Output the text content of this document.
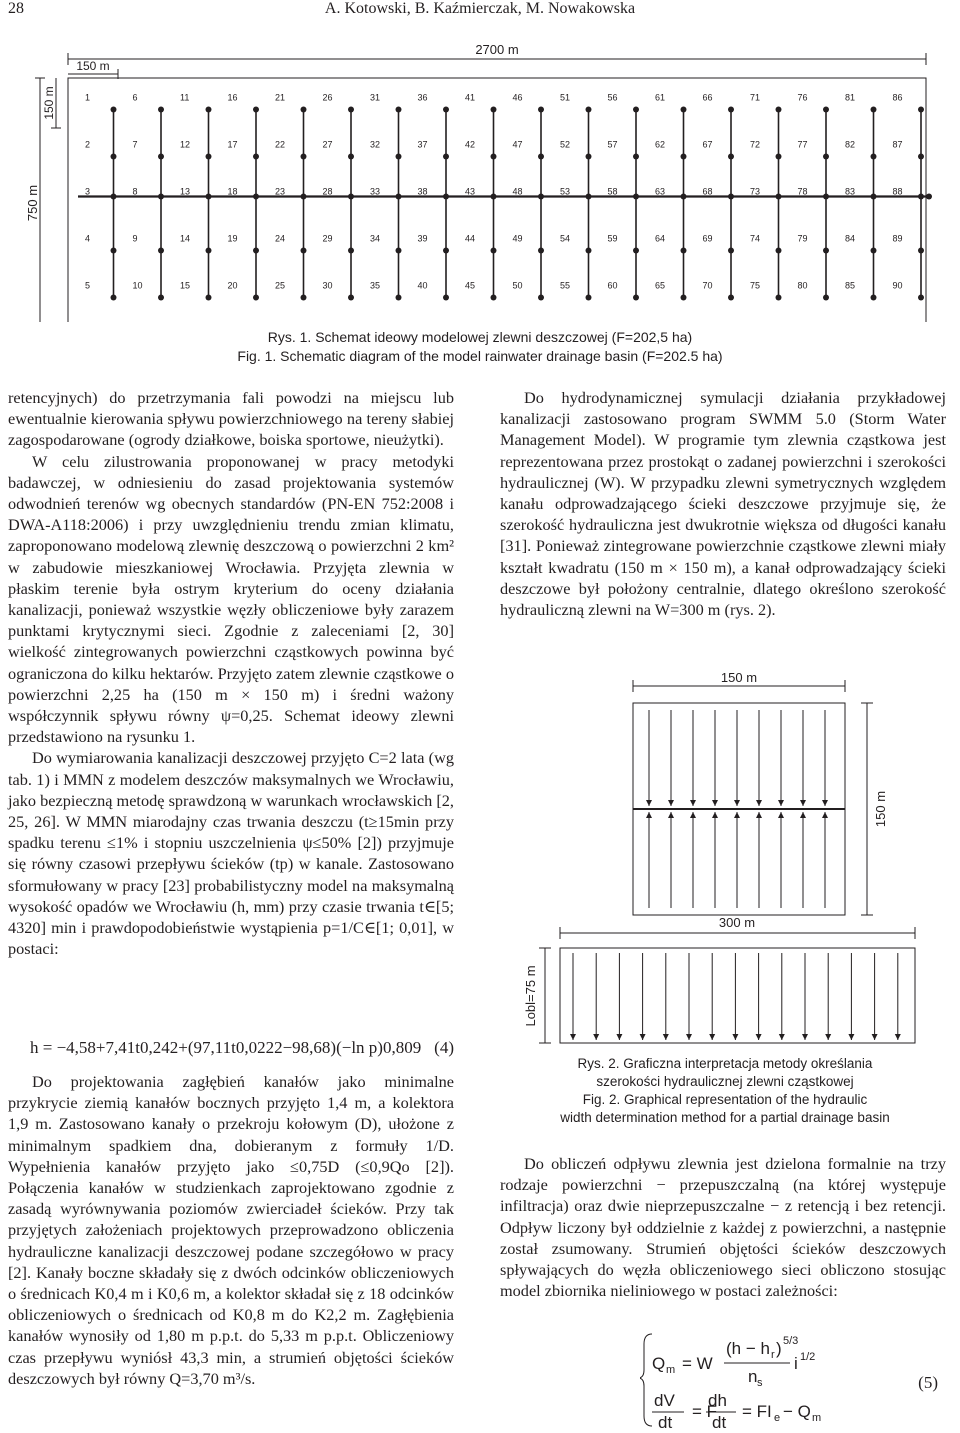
28	A. Kotowski, B. Kaźmierczak, M. Nowakowska
2700 m
150 m
150 m
750 m
1
2
3
4
5
6
7
8
9
10
11
12
13
14
15
16
17
18
19
20
21
22
23
24
25
26
27
28
29
30
31
32
33
34
35
36
37
38
39
40
41
42
43
44
45
46
47
48
49
50
51
52
53
54
55
56
57
58
59
60
61
62
63
64
65
66
67
68
69
70
71
72
73
74
75
76
77
78
79
80
81
82
83
84
85
86
87
88
89
90
Rys. 1. Schemat ideowy modelowej zlewni deszczowej (F=202,5 ha)
Fig. 1. Schematic diagram of the model rainwater drainage basin (F=202.5 ha)

retencyjnych) do przetrzymania fali powodzi na miejscu lub ewentualnie kierowania spływu powierzchniowego na tereny słabiej zagospodarowane (ogrody działkowe, boiska sportowe, nieużytki).

W celu zilustrowania proponowanej w pracy metodyki badawczej, w odniesieniu do zasad projektowania systemów odwodnień terenów wg obecnych standardów (PN-EN 752:2008 i DWA-A118:2006) i przy uwzględnieniu trendu zmian klimatu, zaproponowano modelową zlewnię deszczową o powierzchni 2 km² w zabudowie mieszkaniowej Wrocławia. Przyjęta zlewnia w płaskim terenie była ostrym kryterium do oceny działania kanalizacji, ponieważ wszystkie węzły obliczeniowe były zarazem punktami krytycznymi sieci. Zgodnie z zaleceniami [2, 30] wielkość zintegrowanych powierzchni cząstkowych powinna być ograniczona do kilku hektarów. Przyjęto zatem zlewnie cząstkowe o powierzchni 2,25 ha (150 m × 150 m) i średni ważony współczynnik spływu równy ψ=0,25. Schemat ideowy zlewni przedstawiono na rysunku 1.

Do wymiarowania kanalizacji deszczowej przyjęto C=2 lata (wg tab. 1) i MMN z modelem deszczów maksymalnych we Wrocławiu, jako bezpieczną metodę sprawdzoną w warunkach wrocławskich [2, 25, 26]. W MMN miarodajny czas trwania deszczu (t≥15min przy spadku terenu ≤1% i stopniu uszczelnienia ψ≤50% [2]) przyjmuje się równy czasowi przepływu ścieków (tp) w kanale. Zastosowano sformułowany w pracy [23] probabilistyczny model na maksymalną wysokość opadów we Wrocławiu (h, mm) przy czasie trwania t∈[5; 4320] min i prawdopodobieństwie wystąpienia p=1/C∈[1; 0,01], w postaci:

h = −4,58+7,41t0,242+(97,11t0,0222−98,68)(−ln p)0,809 (4)

Do projektowania zagłębień kanałów jako minimalne przykrycie ziemią kanałów bocznych przyjęto 1,4 m, a kolektora 1,9 m. Zastosowano kanały o przekroju kołowym (D), ułożone z minimalnym spadkiem dna, dobieranym z formuły 1/D. Wypełnienia kanałów przyjęto jako ≤0,75D (≤0,9Qo [2]). Połączenia kanałów w studzienkach zaprojektowano zgodnie z zasadą wyrównywania poziomów zwierciadeł ścieków. Przy tak przyjętych założeniach projektowych przeprowadzono obliczenia hydrauliczne kanalizacji deszczowej podane szczegółowo w pracy [2]. Kanały boczne składały się z dwóch odcinków obliczeniowych o średnicach K0,4 m i K0,6 m, a kolektor składał się z 18 odcinków obliczeniowych o średnicach od K0,8 m do K2,2 m. Zagłębienia kanałów wynosiły od 1,80 m p.p.t. do 5,33 m p.p.t. Obliczeniowy czas przepływu wyniósł 43,3 min, a strumień objętości ścieków deszczowych był równy Q=3,70 m³/s.

Do hydrodynamicznej symulacji działania przykładowej kanalizacji zastosowano program SWMM 5.0 (Storm Water Management Model). W programie tym zlewnia cząstkowa jest reprezentowana przez prostokąt o zadanej powierzchni i szerokości hydraulicznej (W). W przypadku zlewni symetrycznych względem kanału odprowadzającego ścieki deszczowe przyjmuje się, że szerokość hydrauliczna jest dwukrotnie większa od długości kanału [31]. Ponieważ zintegrowane powierzchnie cząstkowe zlewni miały kształt kwadratu (150 m × 150 m), a kanał odprowadzający ścieki deszczowe był położony centralnie, dlatego określono szerokość hydrauliczną zlewni na W=300 m (rys. 2).

150 m
150 m
300 m
Lobl=75 m
Rys. 2. Graficzna interpretacja metody określania
szerokości hydraulicznej zlewni cząstkowej
Fig. 2. Graphical representation of the hydraulic
width determination method for a partial drainage basin

Do obliczeń odpływu zlewnia jest dzielona formalnie na trzy rodzaje powierzchni − przepuszczalną (na której występuje infiltracja) oraz dwie nieprzepuszczalne − z retencją i bez retencji. Odpływ liczony był oddzielnie z każdej z powierzchni, a następnie został zsumowany. Strumień objętości ścieków deszczowych spływających do węzła obliczeniowego sieci obliczono stosując model zbiornika nieliniowego w postaci zależności:

Q m = W
(h − h r ) 5/3
n s
i 1/2
dV
dt
= F
dh
dt
= FI e − Q m
(5)
